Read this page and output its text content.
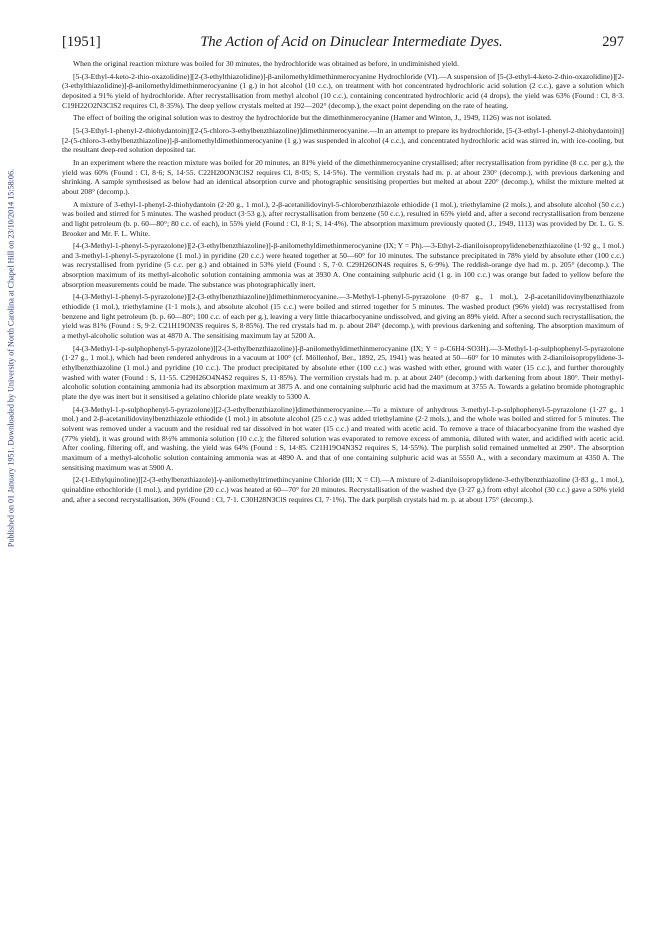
Published on 01 January 1951. Downloaded by University of North Carolina at Chapel Hill on 23/10/2014 15:58:06.
[1951]	The Action of Acid on Dinuclear Intermediate Dyes.	297

When the original reaction mixture was boiled for 30 minutes, the hydrochloride was obtained as before, in undiminished yield.

[5-(3-Ethyl-4-keto-2-thio-oxazolidine)][2-(3-ethylthiazolidine)]-β-anilomethyldimethinmerocyanine Hydrochloride (VI).—A suspension of [5-(3-ethyl-4-keto-2-thio-oxazolidine)][2-(3-ethylthiazolidine)]-β-anilomethyldimethinmerocyanine (1 g.) in hot alcohol (10 c.c.), on treatment with hot concentrated hydrochloric acid solution (2 c.c.), gave a solution which deposited a 91% yield of hydrochloride. After recrystallisation from methyl alcohol (10 c.c.), containing concentrated hydrochloric acid (4 drops), the yield was 63% (Found : Cl, 8·3. C19H22O2N3ClS2 requires Cl, 8·35%). The deep yellow crystals melted at 192—202° (decomp.), the exact point depending on the rate of heating.

The effect of boiling the original solution was to destroy the hydrochloride but the dimethinmerocyanine (Hamer and Winton, J., 1949, 1126) was not isolated.

[5-(3-Ethyl-1-phenyl-2-thiohydantoin)][2-(5-chloro-3-ethylbenzthiazoline)]dimethinmerocyanine.—In an attempt to prepare its hydrochloride, [5-(3-ethyl-1-phenyl-2-thiohydantoin)][2-(5-chloro-3-ethylbenzthiazoline)]-β-anilomethyldimethinmerocyanine (1 g.) was suspended in alcohol (4 c.c.), and concentrated hydrochloric acid was stirred in, with ice-cooling, but the resultant deep-red solution deposited tar.

In an experiment where the reaction mixture was boiled for 20 minutes, an 81% yield of the dimethinmerocyanine crystallised; after recrystallisation from pyridine (8 c.c. per g.), the yield was 60% (Found : Cl, 8·6; S, 14·55. C22H20ON3ClS2 requires Cl, 8·05; S, 14·5%). The vermilion crystals had m. p. at about 230° (decomp.), with previous darkening and shrinking. A sample synthesised as below had an identical absorption curve and photographic sensitising properties but melted at about 220° (decomp.), whilst the mixture melted at about 208° (decomp.).

A mixture of 3-ethyl-1-phenyl-2-thiohydantoin (2·20 g., 1 mol.), 2-β-acetanilidovinyl-5-chlorobenzthiazole ethiodide (1 mol.), triethylamine (2 mols.), and absolute alcohol (50 c.c.) was boiled and stirred for 5 minutes. The washed product (3·53 g.), after recrystallisation from benzene (50 c.c.), resulted in 65% yield and, after a second recrystallisation from benzene and light petroleum (b. p. 60—80°; 80 c.c. of each), in 55% yield (Found : Cl, 8·1; S, 14·4%). The absorption maximum previously quoted (J., 1949, 1113) was provided by Dr. L. G. S. Brooker and Mr. F. L. White.

[4-(3-Methyl-1-phenyl-5-pyrazolone)][2-(3-ethylbenzthiazoline)]-β-anilomethyldimethinmerocyanine (IX; Y = Ph).—3-Ethyl-2-dianiloisopropylidenebenzthiazoline (1·92 g., 1 mol.) and 3-methyl-1-phenyl-5-pyrazolone (1 mol.) in pyridine (20 c.c.) were heated together at 50—60° for 10 minutes. The substance precipitated in 78% yield by absolute ether (100 c.c.) was recrystallised from pyridine (5 c.c. per g.) and obtained in 53% yield (Found : S, 7·0. C29H26ON4S requires S, 6·9%). The reddish-orange dye had m. p. 205° (decomp.). The absorption maximum of its methyl-alcoholic solution containing ammonia was at 3930 A. One containing sulphuric acid (1 g. in 100 c.c.) was orange but faded to yellow before the absorption measurements could be made. The substance was photographically inert.

[4-(3-Methyl-1-phenyl-5-pyrazolone)][2-(3-ethylbenzthiazoline)]dimethinmerocyanine.—3-Methyl-1-phenyl-5-pyrazolone (0·87 g., 1 mol.), 2-β-acetanilidovinylbenzthiazole ethiodide (1 mol.), triethylamine (1·1 mols.), and absolute alcohol (15 c.c.) were boiled and stirred together for 5 minutes. The washed product (96% yield) was recrystallised from benzene and light petroleum (b. p. 60—80°; 100 c.c. of each per g.), leaving a very little thiacarbocyanine undissolved, and giving an 89% yield. After a second such recrystallisation, the yield was 81% (Found : S, 9·2. C21H19ON3S requires S, 8·85%). The red crystals had m. p. about 204° (decomp.), with previous darkening and softening. The absorption maximum of a methyl-alcoholic solution was at 4870 A. The sensitising maximum lay at 5200 A.

[4-(3-Methyl-1-p-sulphophenyl-5-pyrazolone)][2-(3-ethylbenzthiazoline)]-β-anilomethyldimethinmerocyanine (IX; Y = p-C6H4·SO3H).—3-Methyl-1-p-sulphophenyl-5-pyrazolone (1·27 g., 1 mol.), which had been rendered anhydrous in a vacuum at 100° (cf. Möllenhof, Ber., 1892, 25, 1941) was heated at 50—60° for 10 minutes with 2-dianiloisopropylidene-3-ethylbenzthiazoline (1 mol.) and pyridine (10 c.c.). The product precipitated by absolute ether (100 c.c.) was washed with ether, ground with water (15 c.c.), and further thoroughly washed with water (Found : S, 11·55. C29H26O4N4S2 requires S, 11·85%). The vermilion crystals had m. p. at about 240° (decomp.) with darkening from about 180°. Their methyl-alcoholic solution containing ammonia had its absorption maximum at 3875 A. and one containing sulphuric acid had the maximum at 3755 A. Towards a gelatino bromide photographic plate the dye was inert but it sensitised a gelatino chloride plate weakly to 5300 A.

[4-(3-Methyl-1-p-sulphophenyl-5-pyrazolone)][2-(3-ethylbenzthiazoline)]dimethinmerocyanine.—To a mixture of anhydrous 3-methyl-1-p-sulphophenyl-5-pyrazolone (1·27 g., 1 mol.) and 2-β-acetanilidovinylbenzthiazole ethiodide (1 mol.) in absolute alcohol (25 c.c.) was added triethylamine (2·2 mols.), and the whole was boiled and stirred for 5 minutes. The solvent was removed under a vacuum and the residual red tar dissolved in hot water (15 c.c.) and treated with acetic acid. To remove a trace of thiacarbocyanine from the washed dye (77% yield), it was ground with 8½% ammonia solution (10 c.c.); the filtered solution was evaporated to remove excess of ammonia, diluted with water, and acidified with acetic acid. After cooling, filtering off, and washing, the yield was 64% (Found : S, 14·85. C21H19O4N3S2 requires S, 14·55%). The purplish solid remained unmelted at 290°. The absorption maximum of a methyl-alcoholic solution containing ammonia was at 4890 A. and that of one containing sulphuric acid was at 5550 A., with a secondary maximum at 4350 A. The sensitising maximum was at 5900 A.

[2-(1-Ethylquinoline)][2-(3-ethylbenzthiazole)]-γ-anilomethyltrimethincyanine Chloride (III; X = Cl).—A mixture of 2-dianiloisopropylidene-3-ethylbenzthiazoline (3·83 g., 1 mol.), quinaldine ethochloride (1 mol.), and pyridine (20 c.c.) was heated at 60—70° for 20 minutes. Recrystallisation of the washed dye (3·27 g.) from ethyl alcohol (30 c.c.) gave a 50% yield and, after a second recrystallisation, 36% (Found : Cl, 7·1. C30H28N3ClS requires Cl, 7·1%). The dark purplish crystals had m. p. at about 175° (decomp.).
